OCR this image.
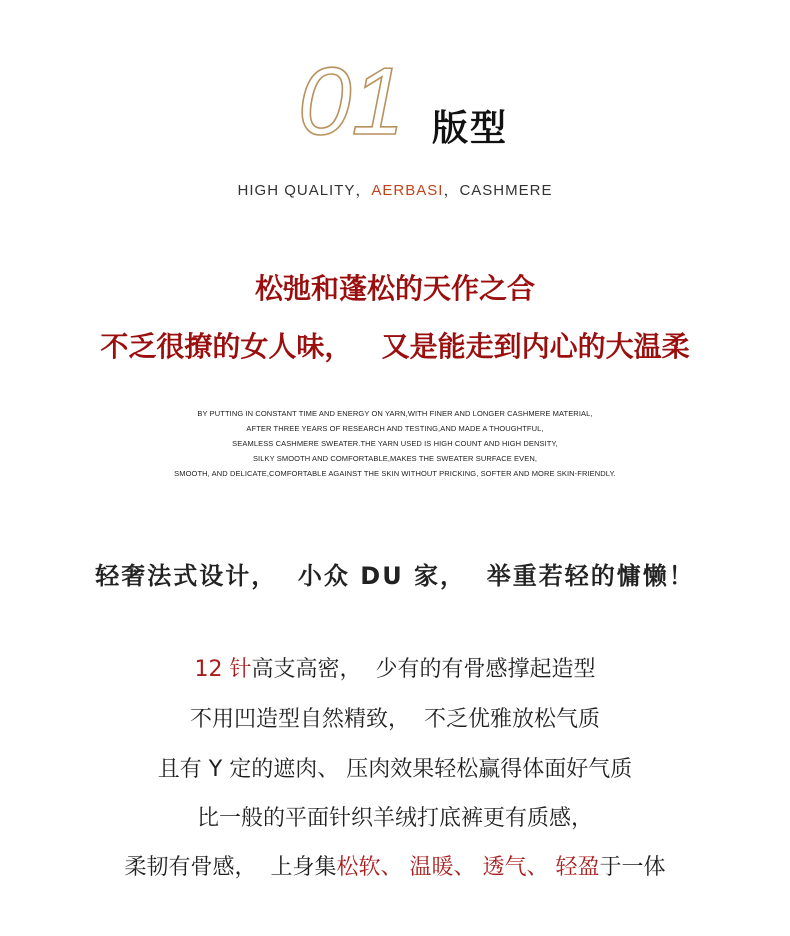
01 版型
HIGH QUALITY，AERBASI，CASHMERE
松弛和蓬松的天作之合
不乏很撩的女人味，   又是能走到内心的大温柔
BY PUTTING IN CONSTANT TIME AND ENERGY ON YARN,WITH FINER AND LONGER CASHMERE MATERIAL,
AFTER THREE YEARS OF RESEARCH AND TESTING,AND MADE A THOUGHTFUL,
SEAMLESS CASHMERE SWEATER.THE YARN USED IS HIGH COUNT AND HIGH DENSITY,
SILKY SMOOTH AND COMFORTABLE,MAKES THE SWEATER SURFACE EVEN,
SMOOTH, AND DELICATE,COMFORTABLE AGAINST THE SKIN WITHOUT PRICKING, SOFTER AND MORE SKIN-FRIENDLY.
轻奢法式设计，  小众 DU 家，  举重若轻的慵懒！
12 针高支高密，  少有的有骨感撑起造型
不用凹造型自然精致，  不乏优雅放松气质
且有 Y 定的遮肉、 压肉效果轻松赢得体面好气质
比一般的平面针织羊绒打底裤更有质感，
柔韧有骨感，  上身集松软、 温暖、 透气、 轻盈于一体
